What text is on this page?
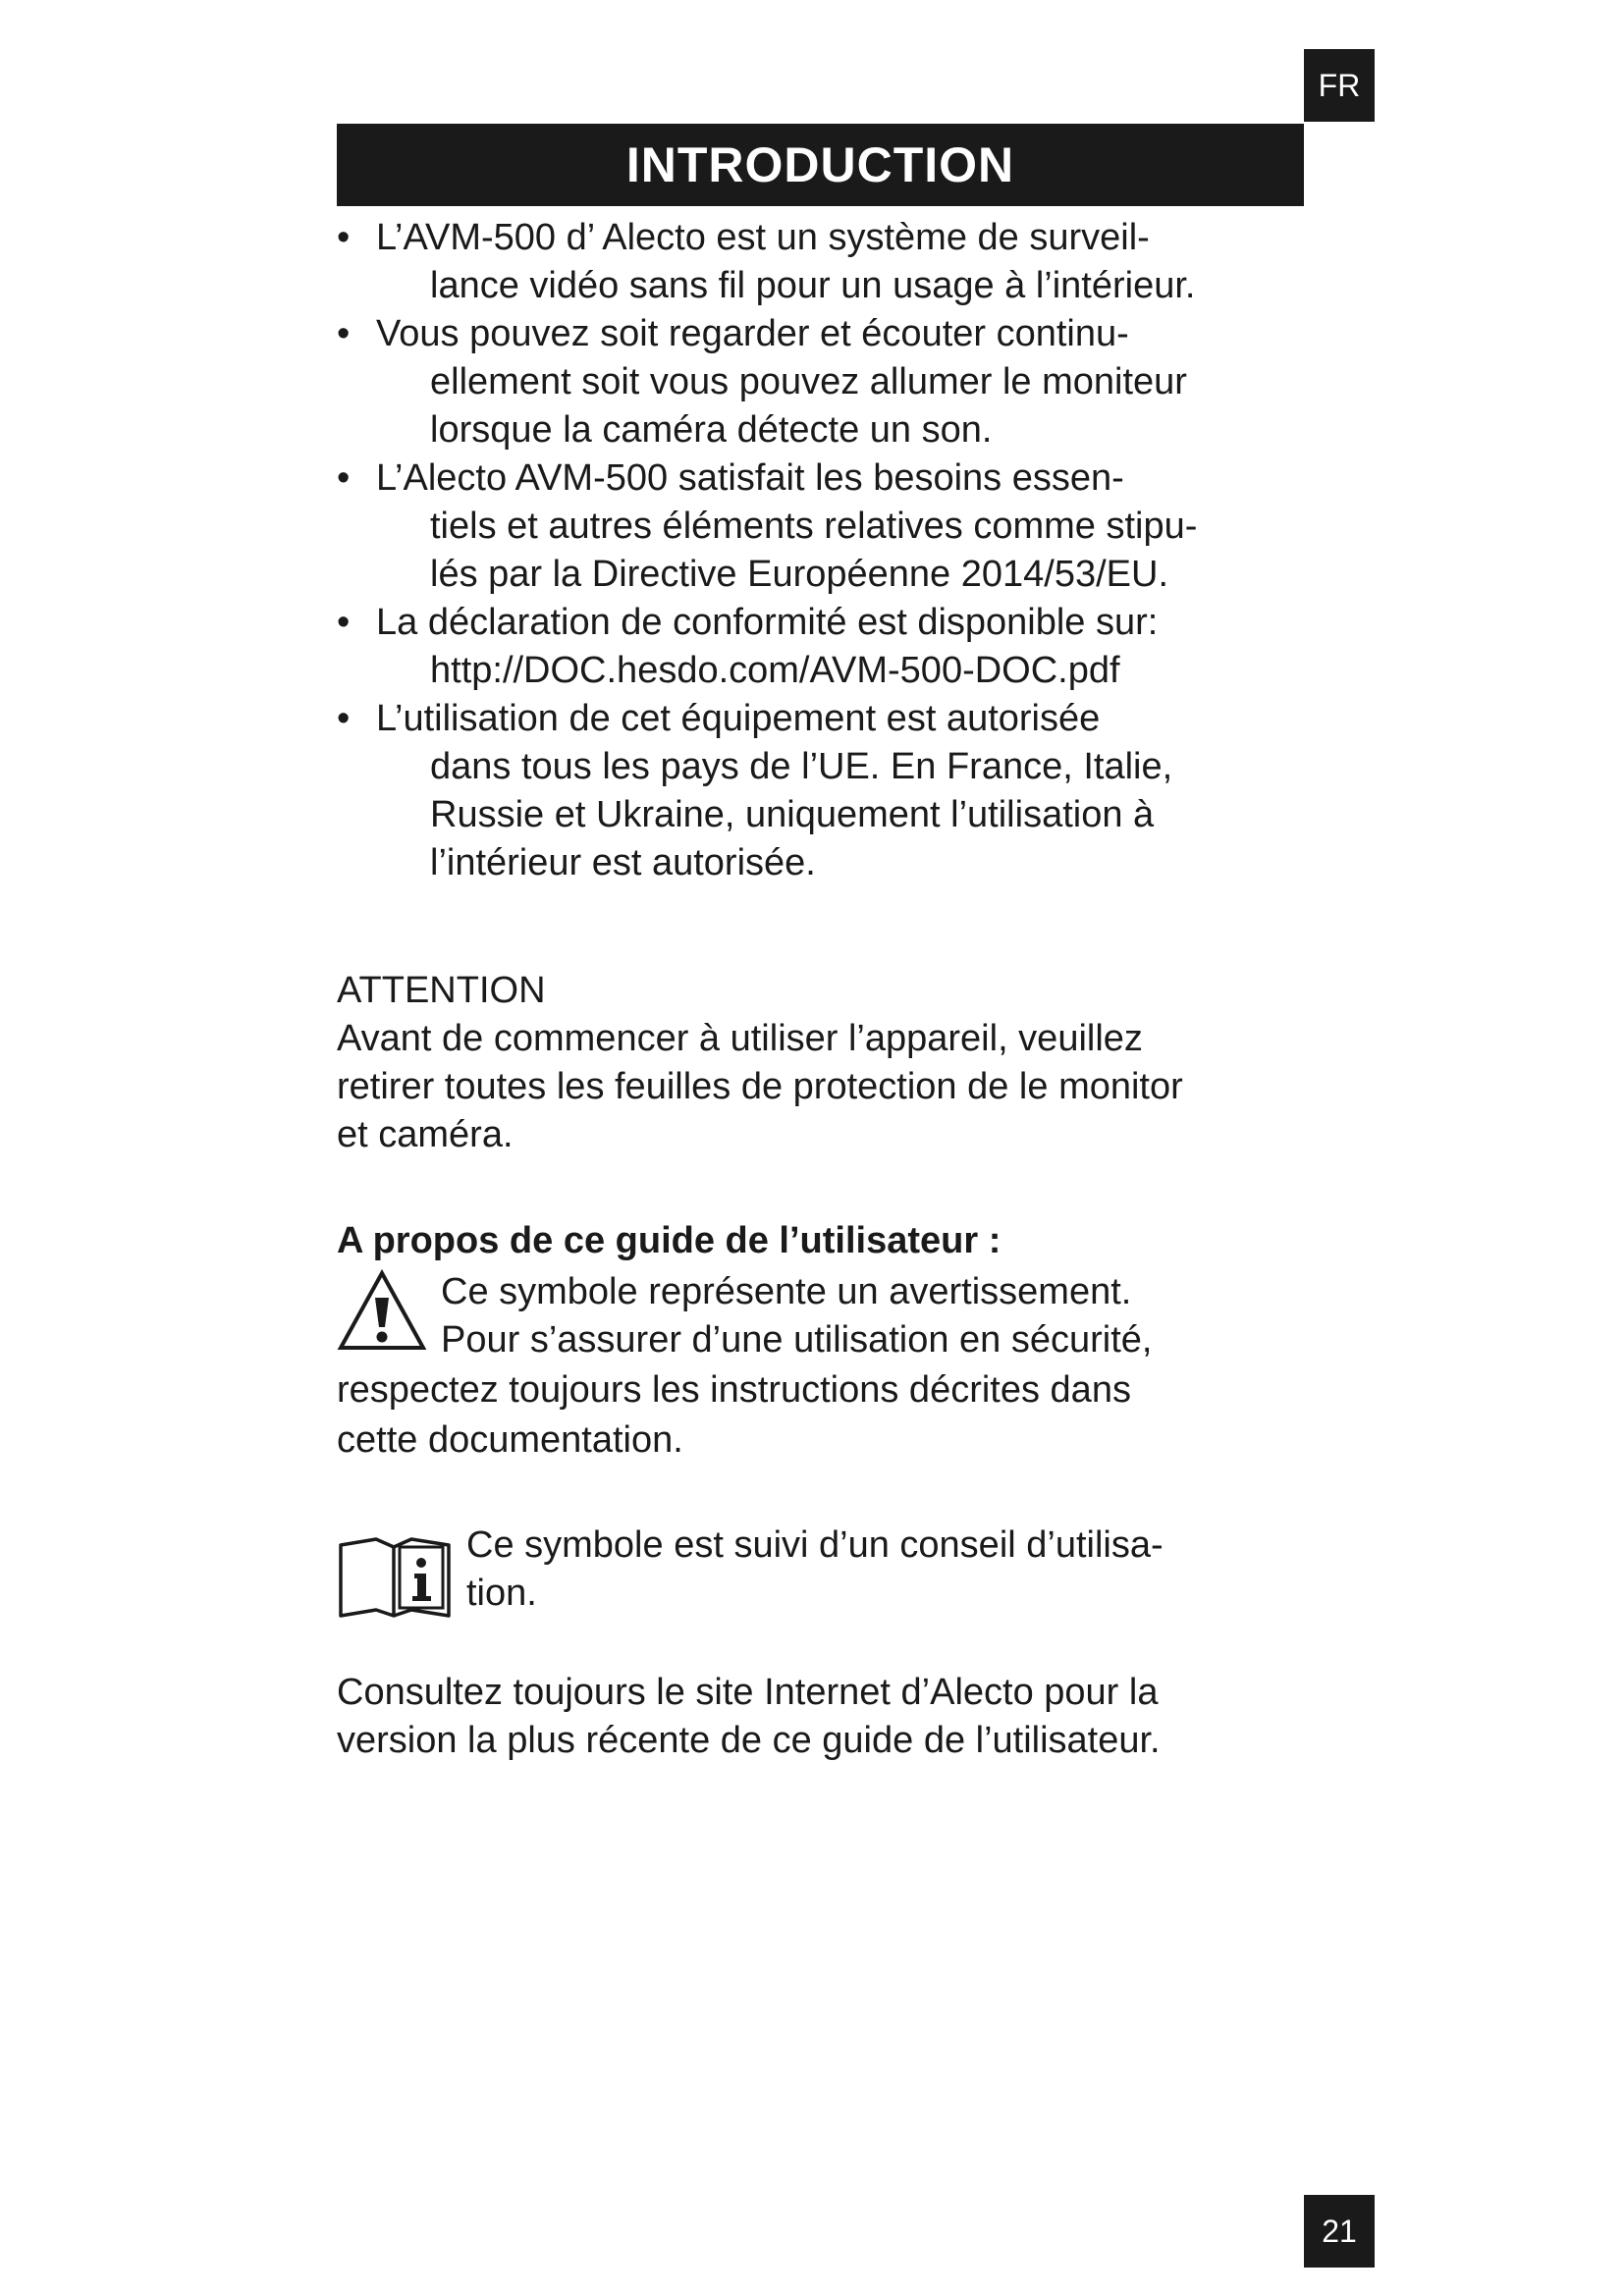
FR
INTRODUCTION
• L’AVM-500 d’ Alecto est un système de surveil-
lance vidéo sans fil pour un usage à l’intérieur.
• Vous pouvez soit regarder et écouter continu-
ellement soit vous pouvez allumer le moniteur
lorsque la caméra détecte un son.
• L’Alecto AVM-500 satisfait les besoins essen-
tiels et autres éléments relatives comme stipu-
lés par la Directive Européenne 2014/53/EU.
• La déclaration de conformité est disponible sur:
http://DOC.hesdo.com/AVM-500-DOC.pdf
• L’utilisation de cet équipement est autorisée
dans tous les pays de l’UE. En France, Italie,
Russie et Ukraine, uniquement l’utilisation à
l’intérieur est autorisée.
ATTENTION
Avant de commencer à utiliser l’appareil, veuillez
retirer toutes les feuilles de protection de le monitor
et caméra.
A propos de ce guide de l’utilisateur :
Ce symbole représente un avertissement.
Pour s’assurer d’une utilisation en sécurité,
respectez toujours les instructions décrites dans
cette documentation.
Ce symbole est suivi d’un conseil d’utilisa-
tion.
Consultez toujours le site Internet d’Alecto pour la
version la plus récente de ce guide de l’utilisateur.
21
